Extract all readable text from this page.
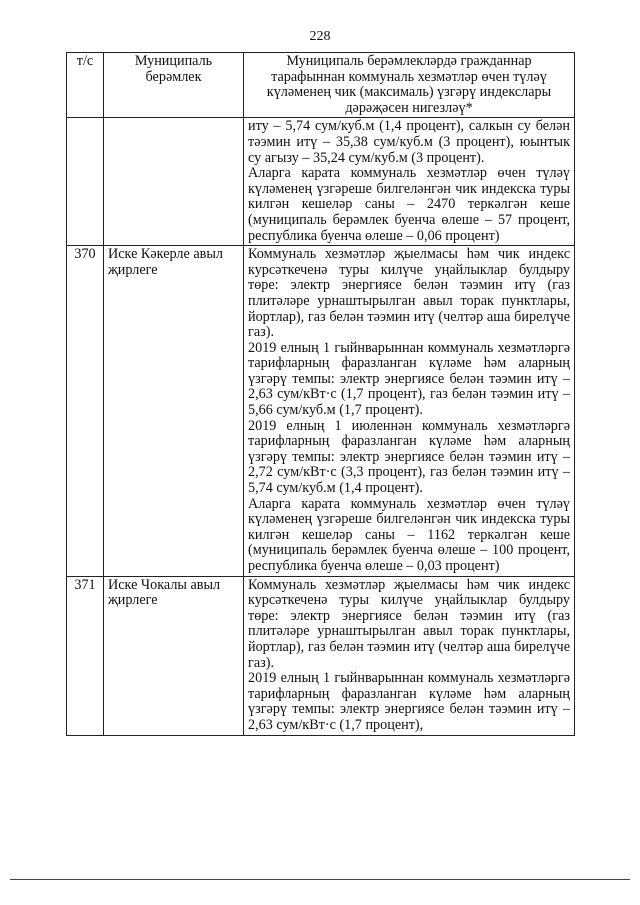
228
т/с	Муниципаль берәмлек	Муниципаль берәмлекләрдә гражданнар тарафыннан коммуналь хезмәтләр өчен түләү күләменең чик (максималь) үзгәрү индекслары дәрәҗәсен нигезләү*

		иту – 5,74 сум/куб.м (1,4 процент), салкын су белән тәэмин итү – 35,38 сум/куб.м (3 процент), юынтык су агызу – 35,24 сум/куб.м (3 процент).

Аларга карата коммуналь хезмәтләр өчен түләү күләменең үзгәреше билгеләнгән чик индекска туры килгән кешеләр саны – 2470 теркәлгән кеше (муниципаль берәмлек буенча өлеше – 57 процент, республика буенча өлеше – 0,06 процент)

370	Иске Кәкерле авыл җирлеге	Коммуналь хезмәтләр җыелмасы һәм чик индекс курсәткеченә туры килүче уңайлыклар булдыру төре: электр энергиясе белән тәэмин итү (газ плитәләре урнаштырылган авыл торак пунктлары, йортлар), газ белән тәэмин итү (челтәр аша бирелүче газ).

2019 елның 1 гыйнварыннан коммуналь хезмәтләргә тарифларның фаразланган күләме һәм аларның үзгәрү темпы: электр энергиясе белән тәэмин итү – 2,63 сум/кВт·с (1,7 процент), газ белән тәэмин итү – 5,66 сум/куб.м (1,7 процент).

2019 елның 1 июленнән коммуналь хезмәтләргә тарифларның фаразланган күләме һәм аларның үзгәрү темпы: электр энергиясе белән тәэмин итү – 2,72 сум/кВт·с (3,3 процент), газ белән тәэмин итү – 5,74 сум/куб.м (1,4 процент).

Аларга карата коммуналь хезмәтләр өчен түләү күләменең үзгәреше билгеләнгән чик индекска туры килгән кешеләр саны – 1162 теркәлгән кеше (муниципаль берәмлек буенча өлеше – 100 процент, республика буенча өлеше – 0,03 процент)

371	Иске Чокалы авыл җирлеге	Коммуналь хезмәтләр җыелмасы һәм чик индекс курсәткеченә туры килүче уңайлыклар булдыру төре: электр энергиясе белән тәэмин итү (газ плитәләре урнаштырылган авыл торак пунктлары, йортлар), газ белән тәэмин итү (челтәр аша бирелүче газ).

2019 елның 1 гыйнварыннан коммуналь хезмәтләргә тарифларның фаразланган күләме һәм аларның үзгәрү темпы: электр энергиясе белән тәэмин итү – 2,63 сум/кВт·с (1,7 процент),
